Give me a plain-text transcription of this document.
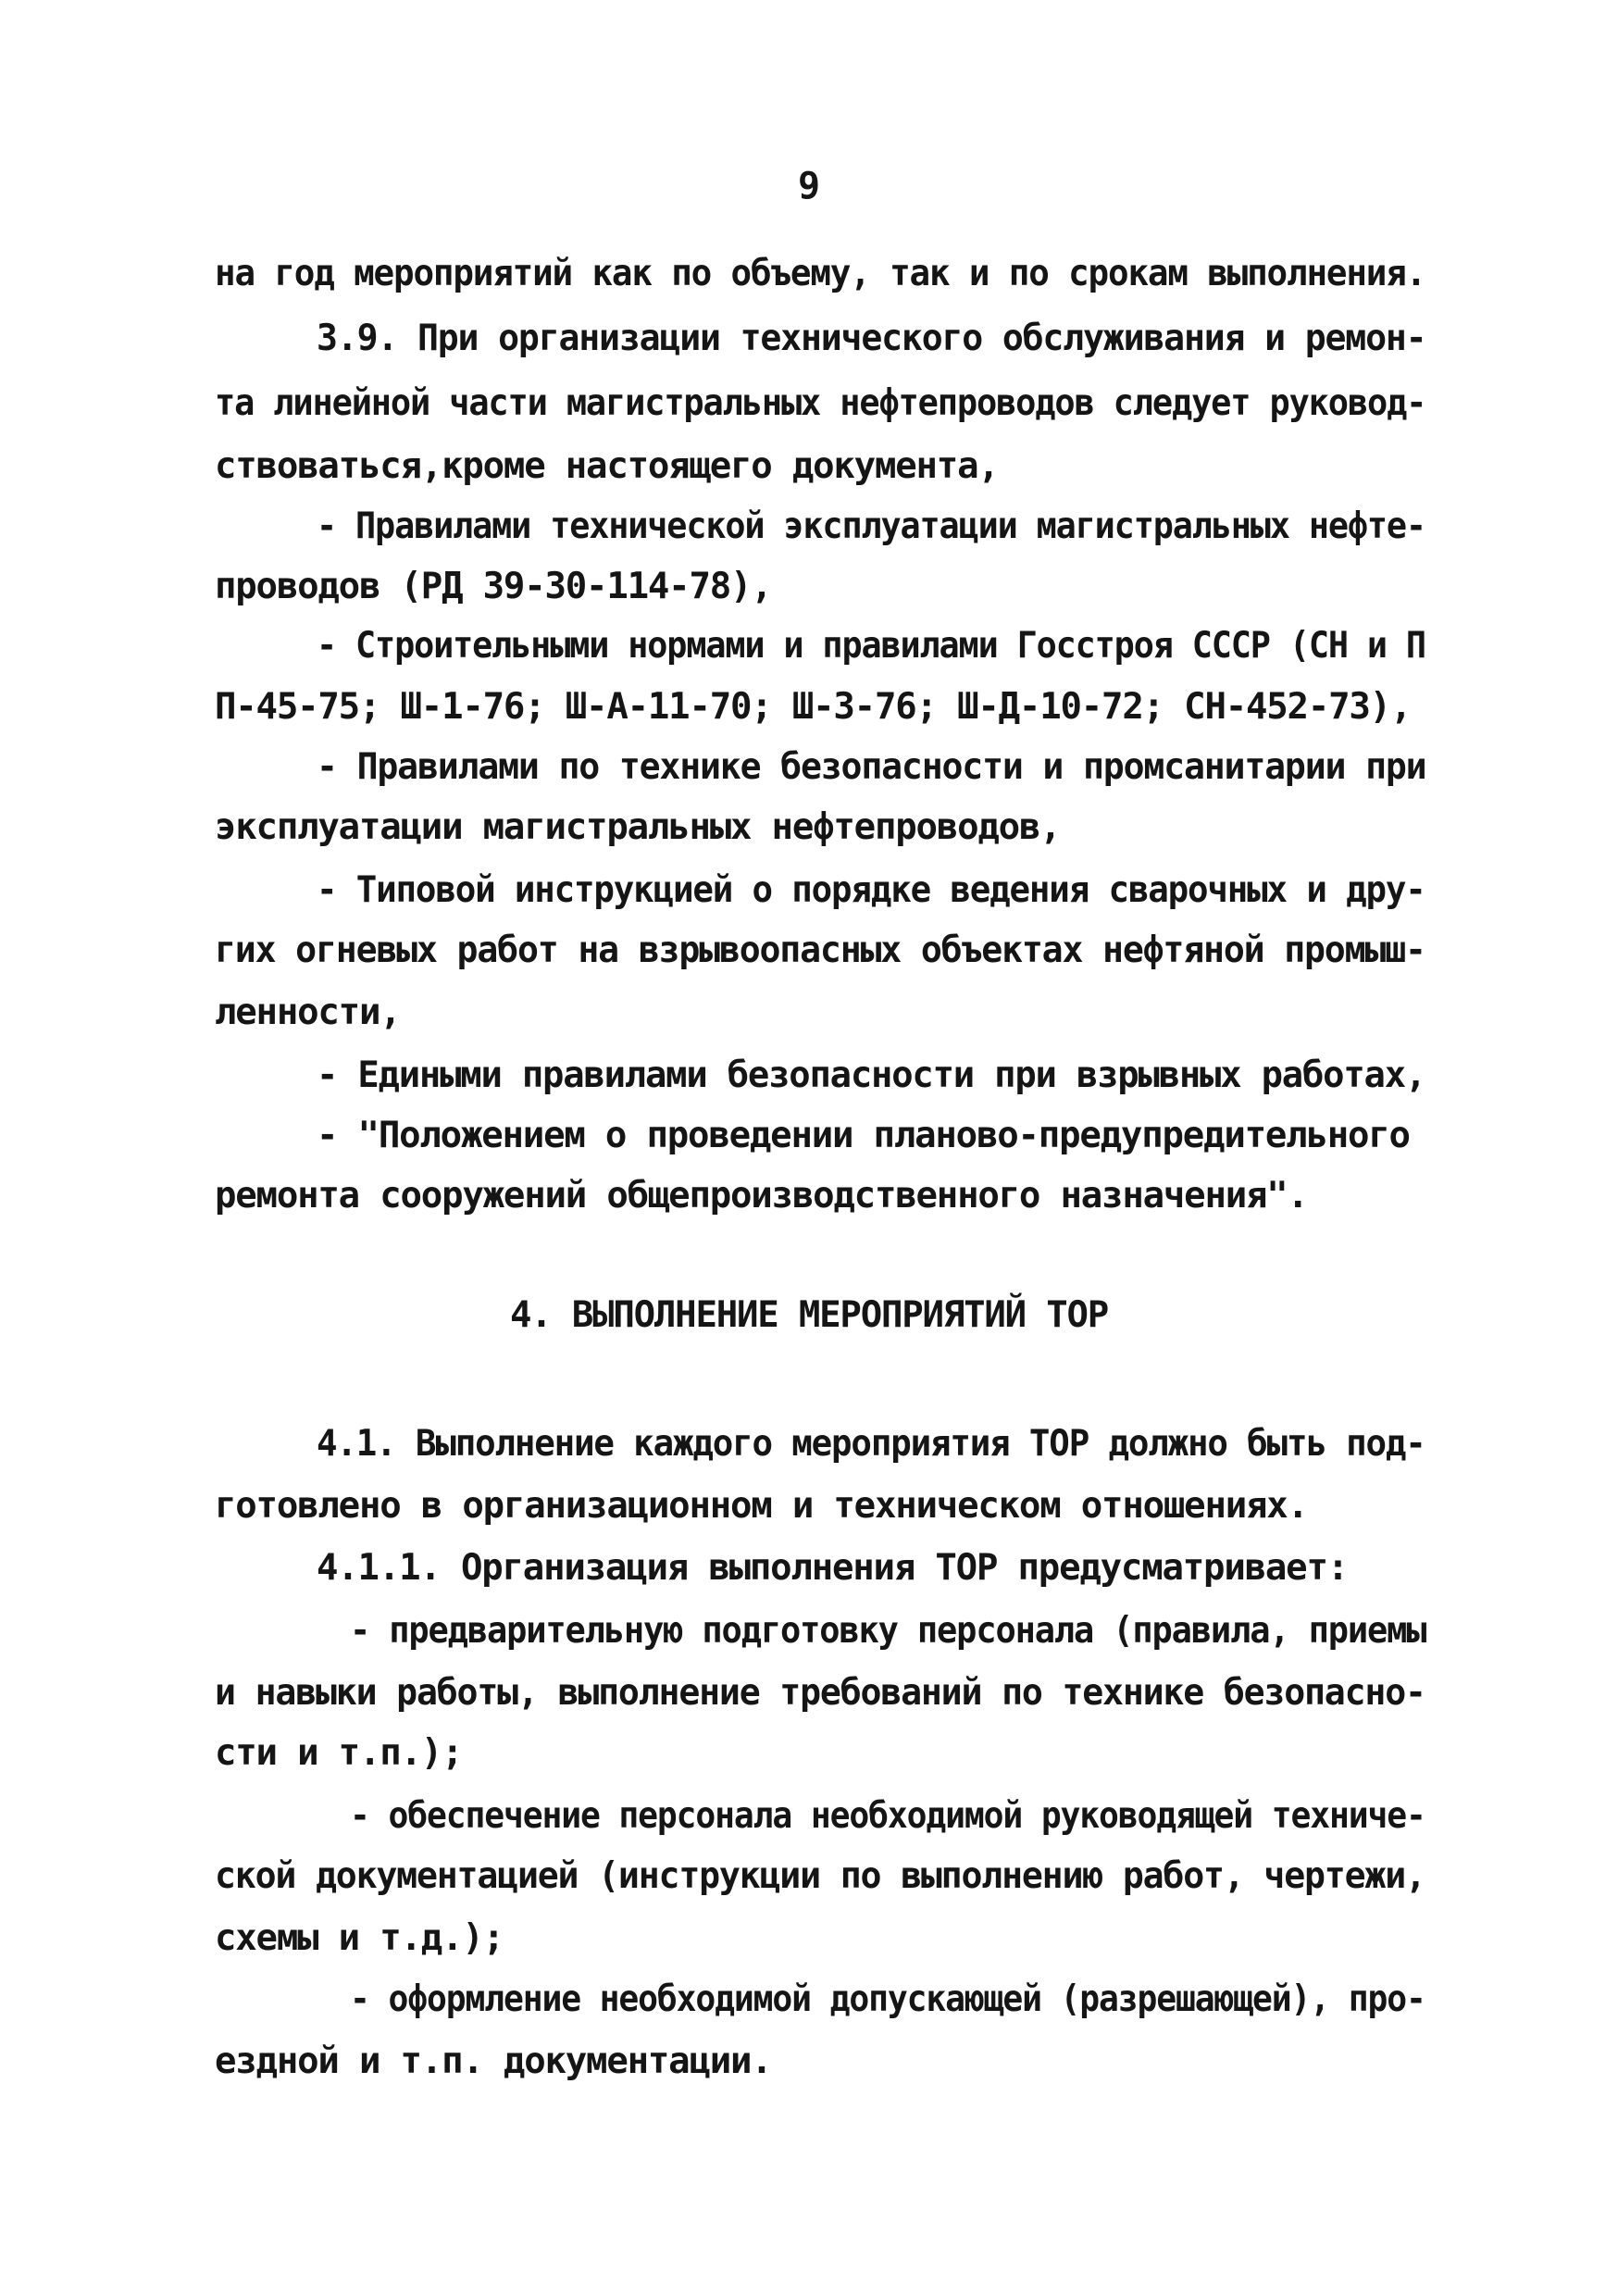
9
на год мероприятий как по объему, так и по срокам выполнения.
3.9. При организации технического обслуживания и ремон-
та линейной части магистральных нефтепроводов следует руковод-
ствоваться,кроме настоящего документа,
- Правилами технической эксплуатации магистральных нефте-
проводов (РД 39-30-114-78),
- Строительными нормами и правилами Госстроя СССР (СН и П
П-45-75; Ш-1-76; Ш-А-11-70; Ш-3-76; Ш-Д-10-72; СН-452-73),
- Правилами по технике безопасности и промсанитарии при
эксплуатации магистральных нефтепроводов,
- Типовой инструкцией о порядке ведения сварочных и дру-
гих огневых работ на взрывоопасных объектах нефтяной промыш-
ленности,
- Едиными правилами безопасности при взрывных работах,
- "Положением о проведении планово-предупредительного
ремонта сооружений общепроизводственного назначения".
4. ВЫПОЛНЕНИЕ МЕРОПРИЯТИЙ ТОР
4.1. Выполнение каждого мероприятия ТОР должно быть под-
готовлено в организационном и техническом отношениях.
4.1.1. Организация выполнения ТОР предусматривает:
- предварительную подготовку персонала (правила, приемы
и навыки работы, выполнение требований по технике безопасно-
сти и т.п.);
- обеспечение персонала необходимой руководящей техниче-
ской документацией (инструкции по выполнению работ, чертежи,
схемы и т.д.);
- оформление необходимой допускающей (разрешающей), про-
ездной и т.п. документации.
